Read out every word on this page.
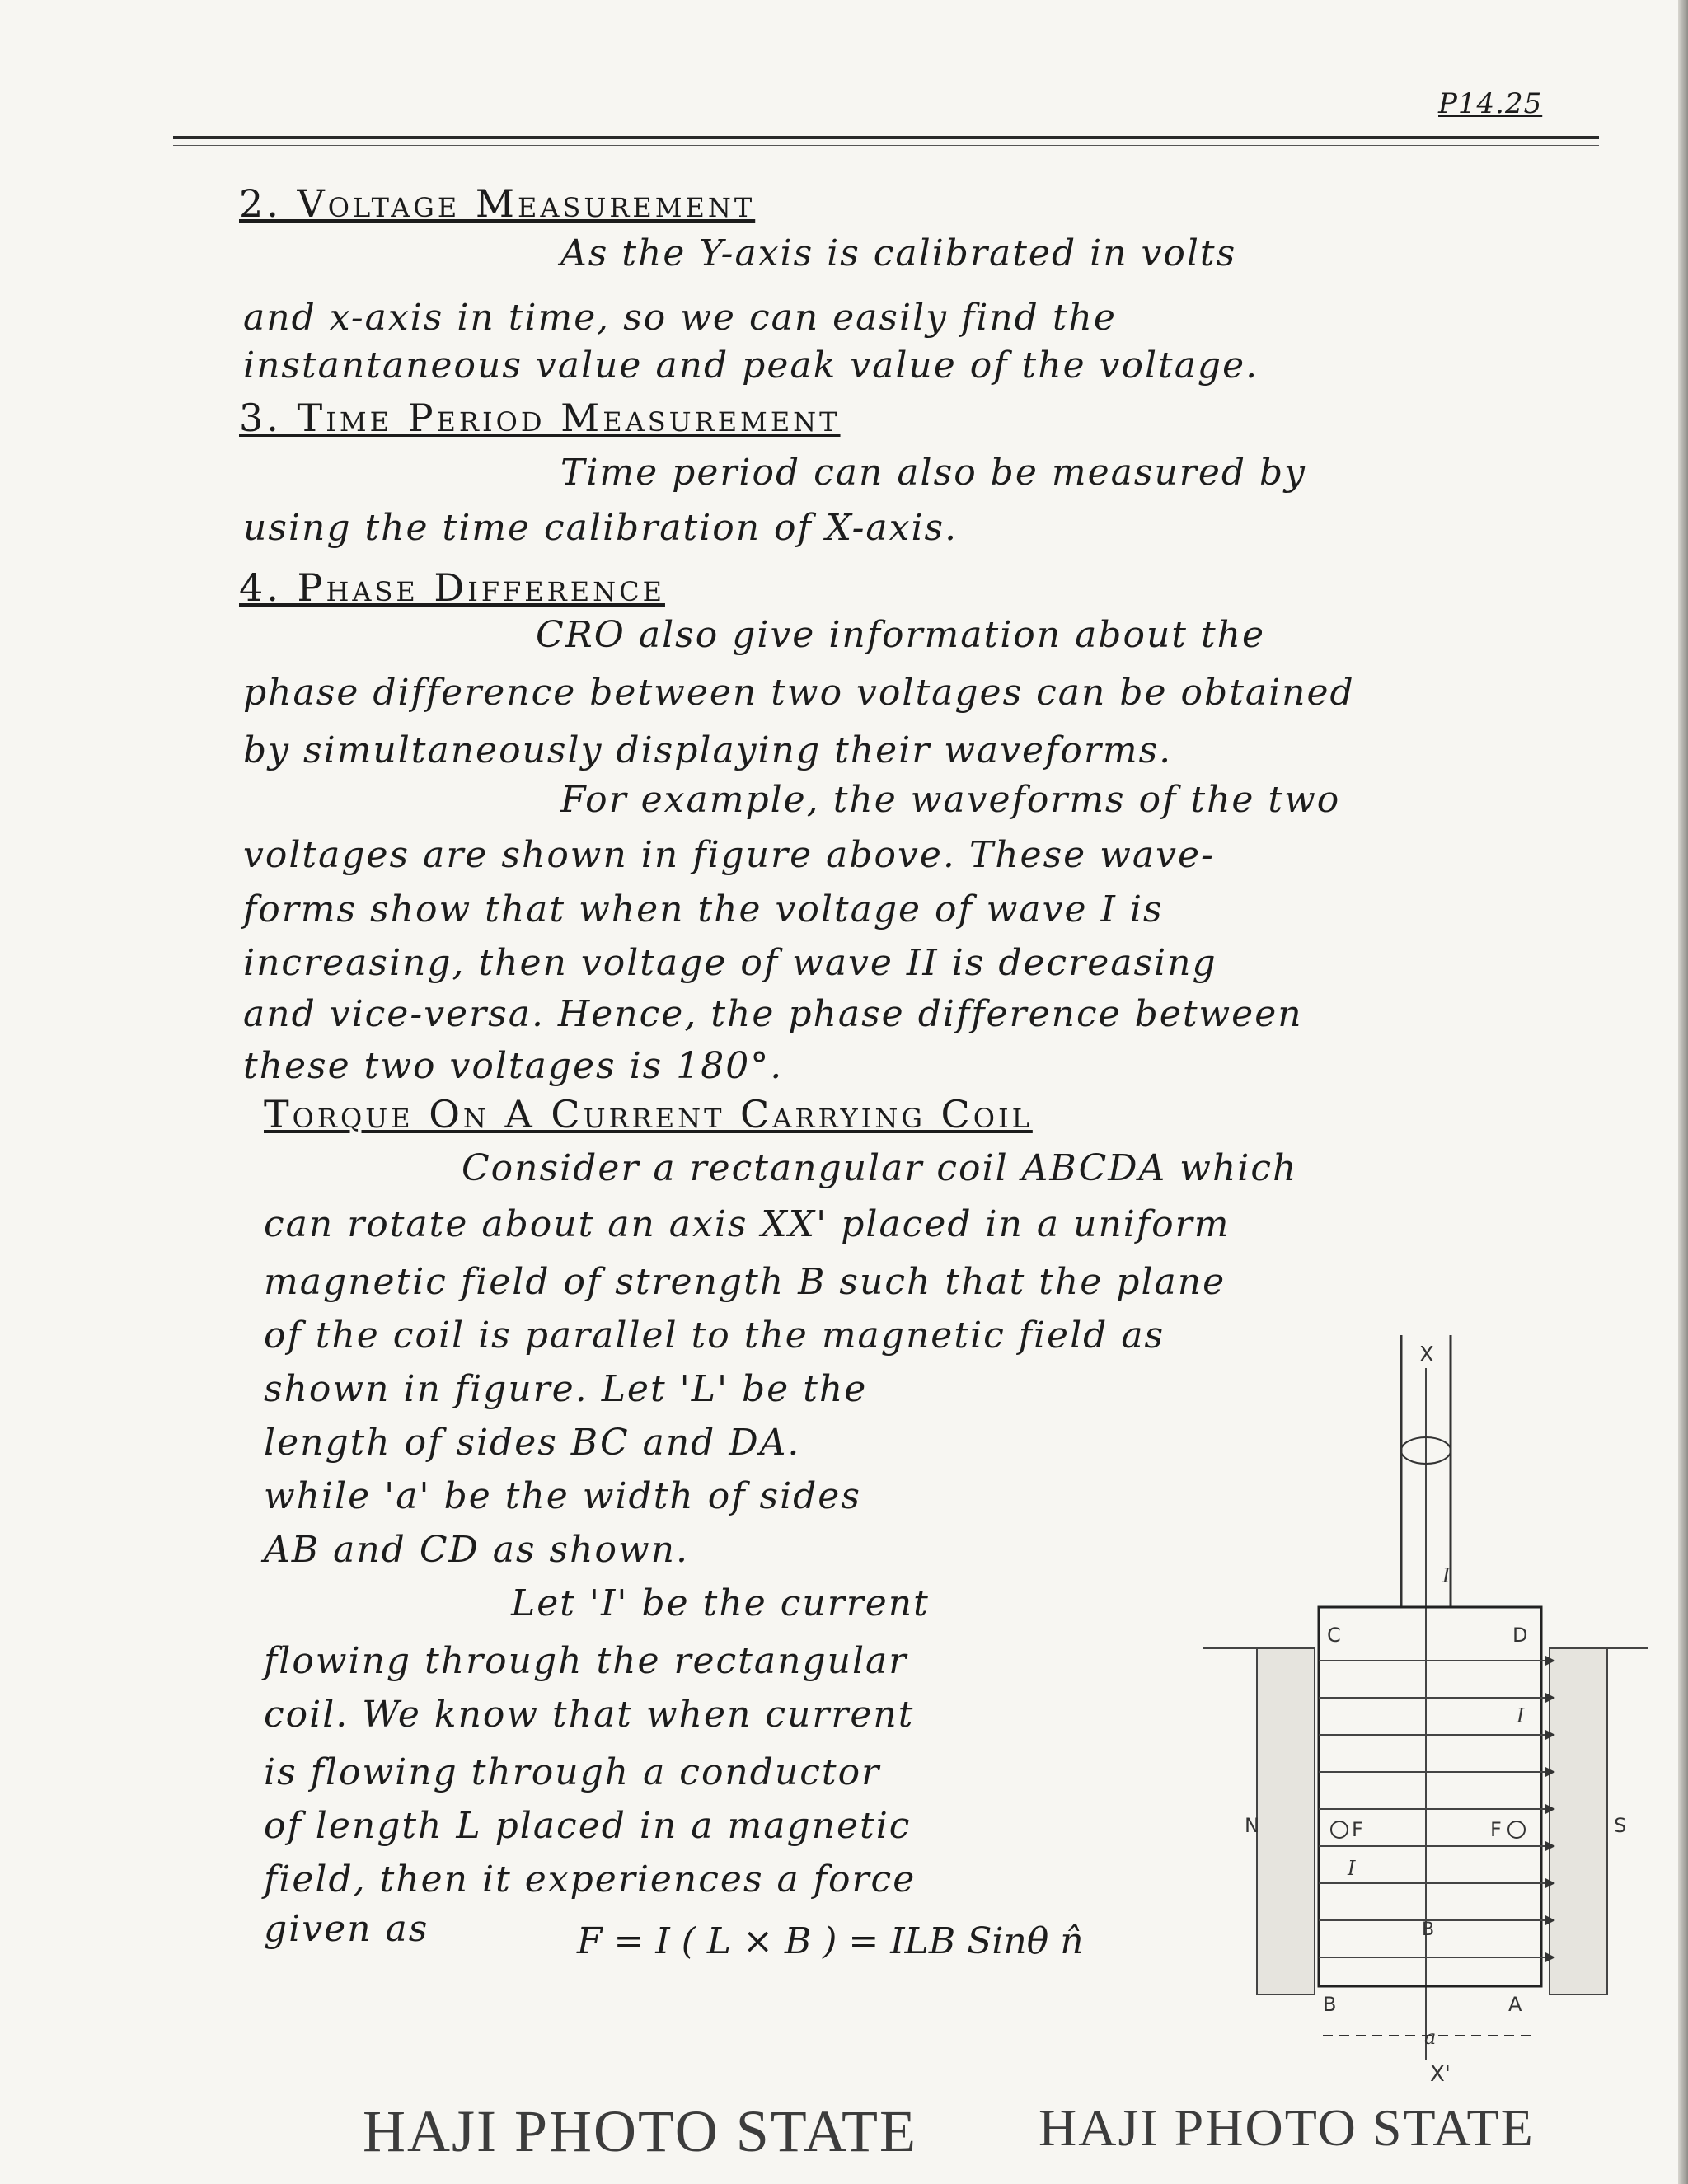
P14.25
2. Voltage Measurement
As the Y-axis is calibrated in volts
and x-axis in time, so we can easily find the
instantaneous value and peak value of the voltage.
3. Time Period Measurement
Time period can also be measured by
using the time calibration of X-axis.
4. Phase Difference
CRO also give information about the
phase difference between two voltages can be obtained
by simultaneously displaying their waveforms.
For example, the waveforms of the two
voltages are shown in figure above. These wave-
forms show that when the voltage of wave I is
increasing, then voltage of wave II is decreasing
and vice-versa. Hence, the phase difference between
these two voltages is 180°.
Torque On A Current Carrying Coil
Consider a rectangular coil ABCDA which
can rotate about an axis XX' placed in a uniform
magnetic field of strength B such that the plane
of the coil is parallel to the magnetic field as
shown in figure. Let 'L' be the
length of sides BC and DA.
while 'a' be the width of sides
AB and CD as shown.
Let 'I' be the current
flowing through the rectangular
coil. We know that when current
is flowing through a conductor
of length L placed in a magnetic
field, then it experiences a force
given as	F = I ( L × B ) = ILB Sinθ n̂
X
X'
C	D
B	A
N	S
I
I
I
F	F
B
a
HAJI PHOTO STATE HAJI PHOTO STATE
